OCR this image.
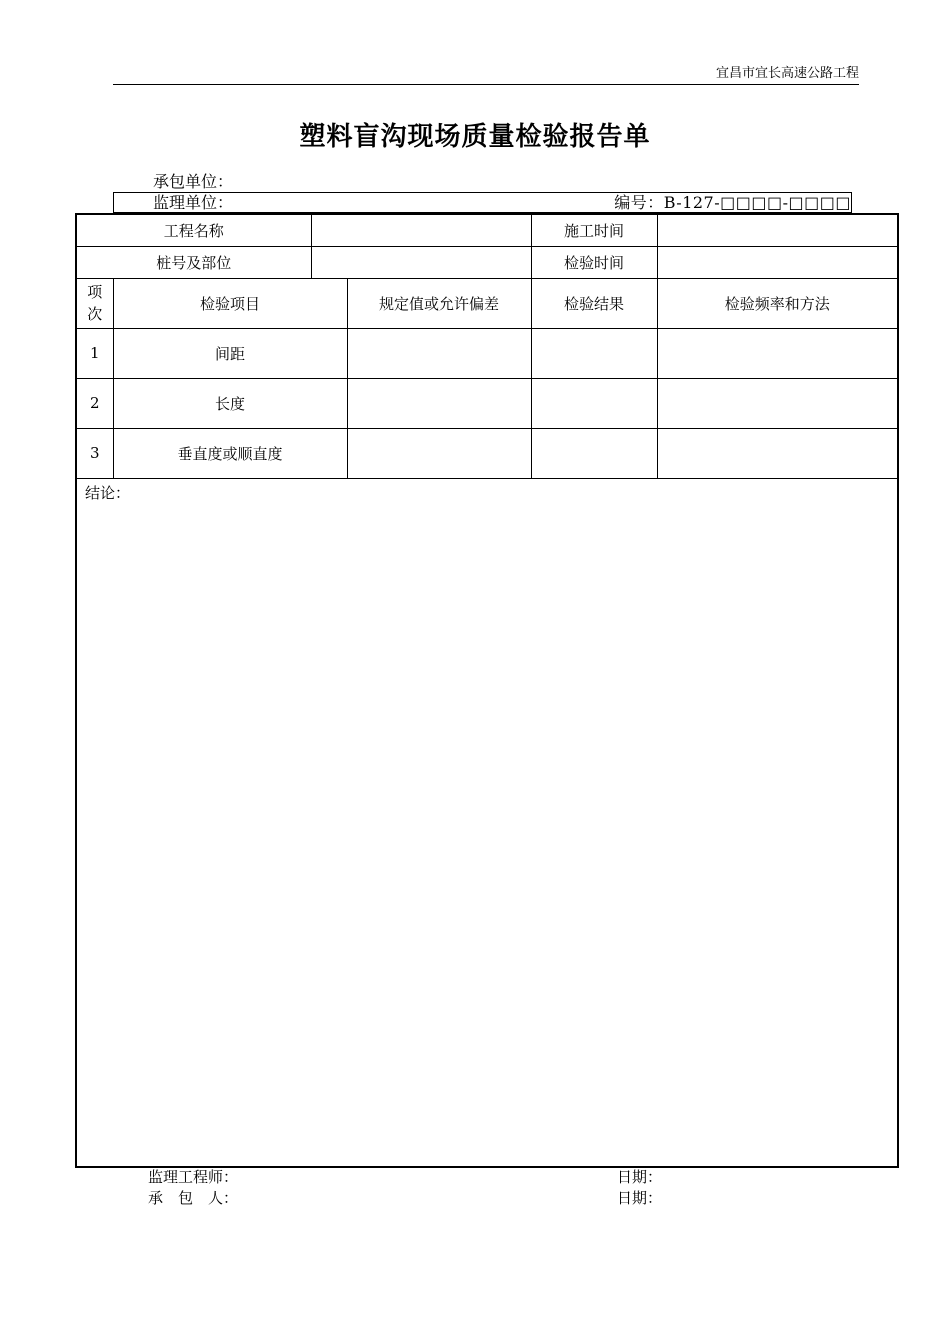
宜昌市宜长高速公路工程
塑料盲沟现场质量检验报告单
承包单位：
监理单位：	编号：B-127-□□□□-□□□□
工程名称				施工时间	
桩号及部位				检验时间	
项次	检验项目		规定值或允许偏差	检验结果	检验频率和方法
1	间距				
2	长度				
3	垂直度或顺直度				
结论：					
监理工程师：	日期：
承　包　人：	日期：
